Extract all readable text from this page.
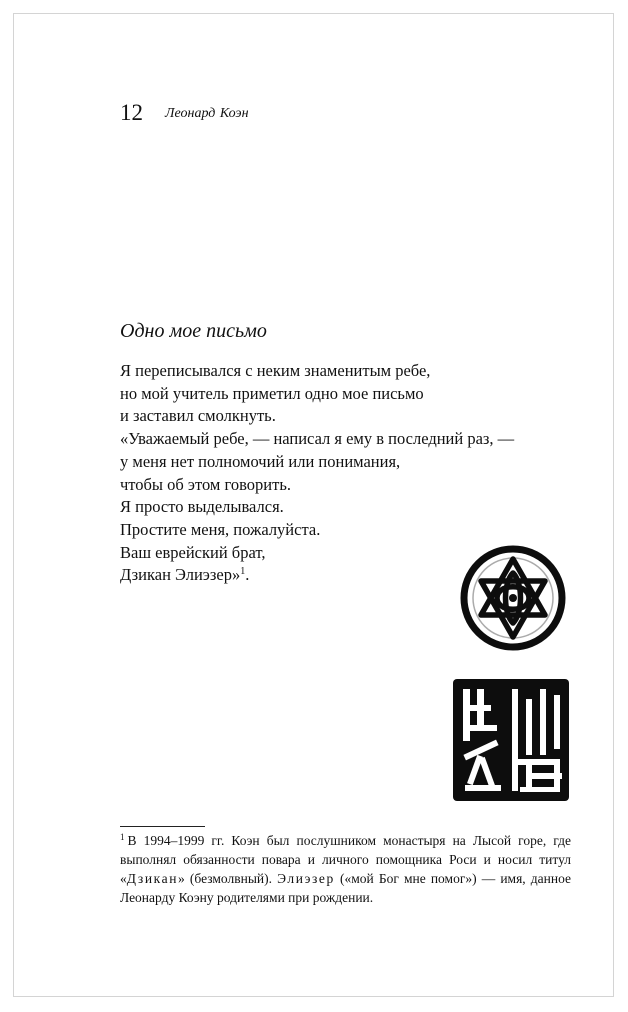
12 Леонард Коэн
Одно мое письмо
Я переписывался с неким знаменитым ребе,
но мой учитель приметил одно мое письмо
и заставил смолкнуть.
«Уважаемый ребе, — написал я ему в последний раз, —
у меня нет полномочий или понимания,
чтобы об этом говорить.
Я просто выделывался.
Простите меня, пожалуйста.
Ваш еврейский брат,
Дзикан Элиэзер»$^1$.

$^1$ В 1994–1999 гг. Коэн был послушником монастыря на Лысой горе, где выполнял обязанности повара и личного помощника Роси и носил титул «Дзикан» (безмолвный). Элиэзер («мой Бог мне помог») — имя, данное Леонарду Коэну родителями при рождении.
